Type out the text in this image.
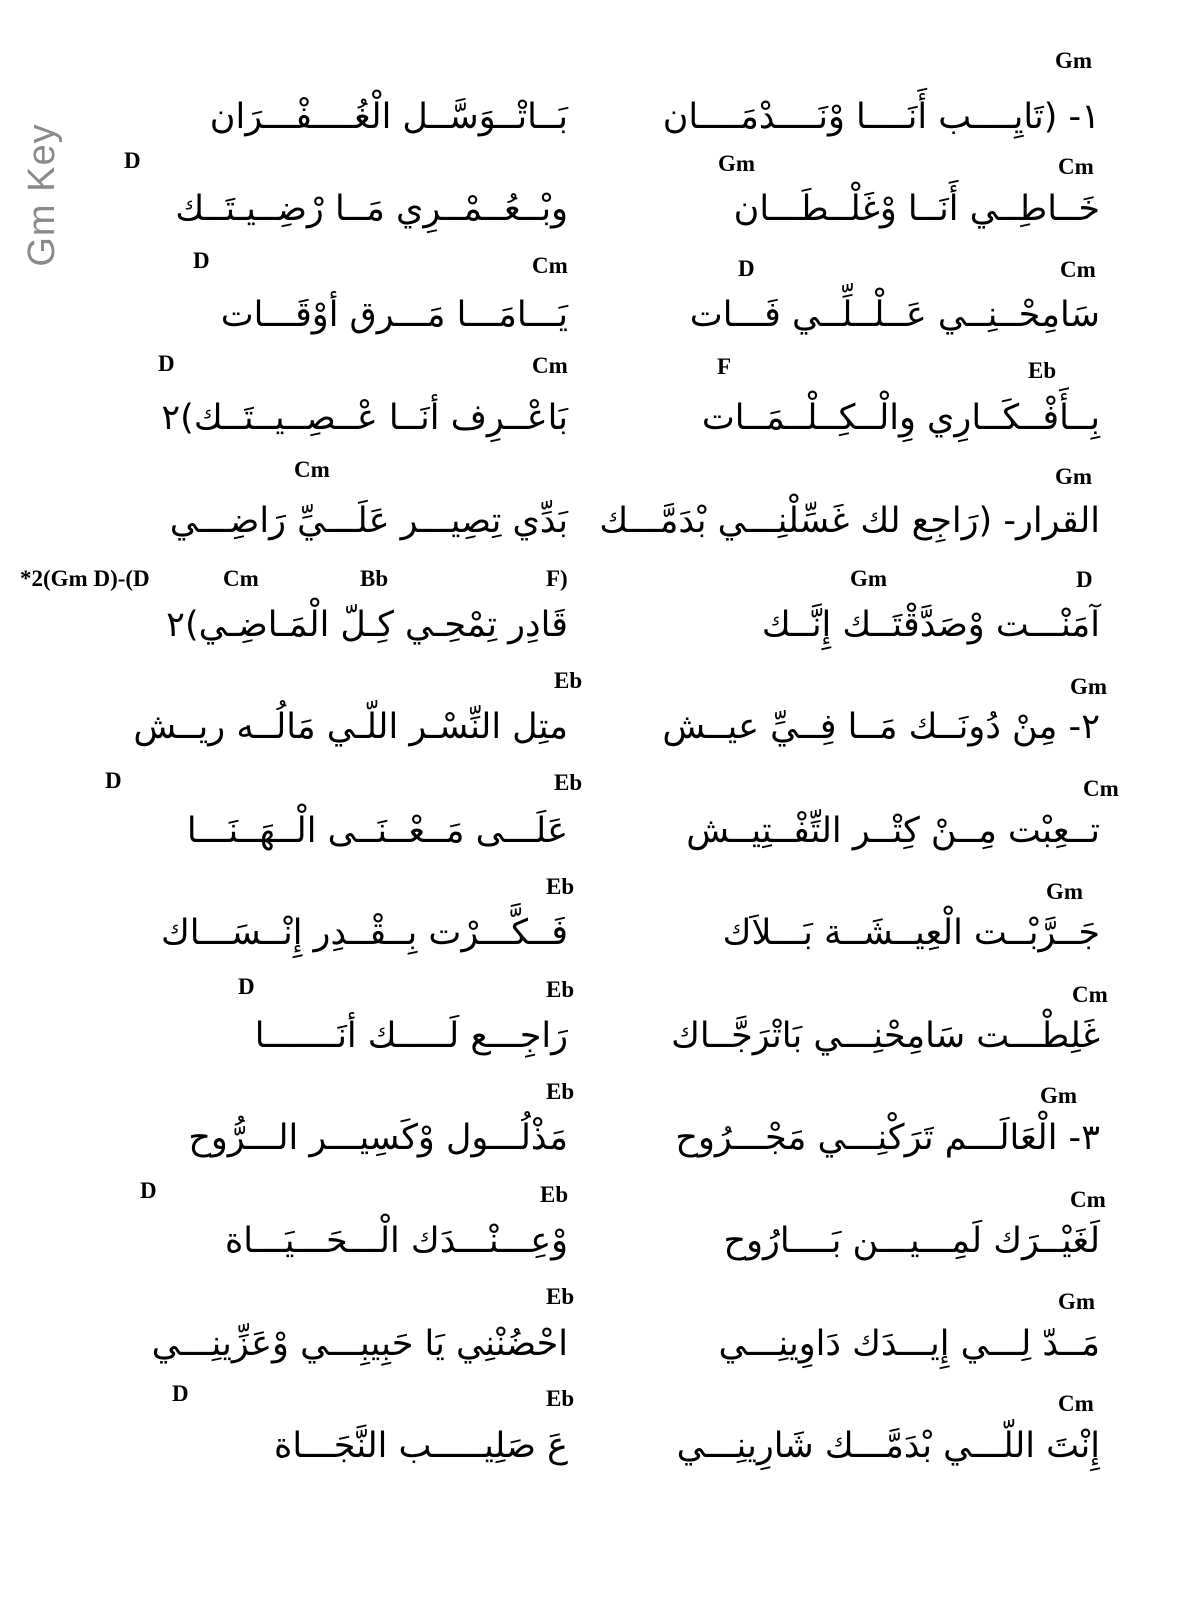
Gm Key
Gm
١- (تَايِــــب أَنَــــا وْنَــــدْمَــــان
بَــاتْــوَسَّــل الْغُــــفْـــرَان
Cm
Gm
D
خَــاطِــي أَنَــا وْغَلْــطَـــان
وبْــعُــمْــرِي مَــا رْضِــيـتَــك
Cm
D
Cm
D
سَامِحْــنِــي عَــلْــلِّــي فَـــات
يَـــامَـــا مَـــرق أوْقَـــات
Eb
F
Cm
D
بِــأَفْــكَــارِي وِالْــكِــلْــمَــات
بَاعْــرِف أنَــا عْــصِــيــتَــك)٢
Gm
Cm
القرار- (رَاجِع لك غَسِّلْنِـــي بْدَمَّـــك
بَدِّي تِصِيـــر عَلَـــيِّ رَاضِـــي
D
Gm
F)
Bb
Cm
*2(Gm D)-(D
آمَنْـــت وْصَدَّقْتَــك إِنَّــك
قَادِر تِمْحِـي كِـلّ الْمَـاضِـي)٢
Gm
Eb
٢- مِنْ دُونَــك مَــا فِــيِّ عيــش
متِل النِّسْـر اللّـي مَالُــه ريــش
Cm
Eb
D
تــعِبْت مِــنْ كِتْــر التِّفْــتِيــش
عَلَـــى مَــعْــنَــى الْــهَــنَـــا
Gm
Eb
جَــرَّبْــت الْعِيــشَــة بَـــلاَك
فَــكَّـــرْت بِــقْــدِر إِنْــسَـــاك
Cm
Eb
D
غَلِطْـــت سَامِحْنِـــي بَاتْرَجَّــاك
رَاجِـــع لَـــــك أنَـــــــا
Gm
Eb
٣- الْعَالَـــم تَرَكْنِـــي مَجْـــرُوح
مَذْلُـــول وْكَسِيـــر الـــرُّوح
Cm
Eb
D
لَغَيْــرَك لَمِـــيـــن بَــــارُوح
وْعِـــنْـــدَك الْـــحَـــيَـــاة
Gm
Eb
مَــدّ لِـــي إِيـــدَك دَاوِينِـــي
احْضُنْنِي يَا حَبِيبِـــي وْعَزِّينِـــي
Cm
Eb
D
إِنْتَ اللّـــي بْدَمَّـــك شَارِينِـــي
عَ صَلِيـــــب النَّجَـــاة
